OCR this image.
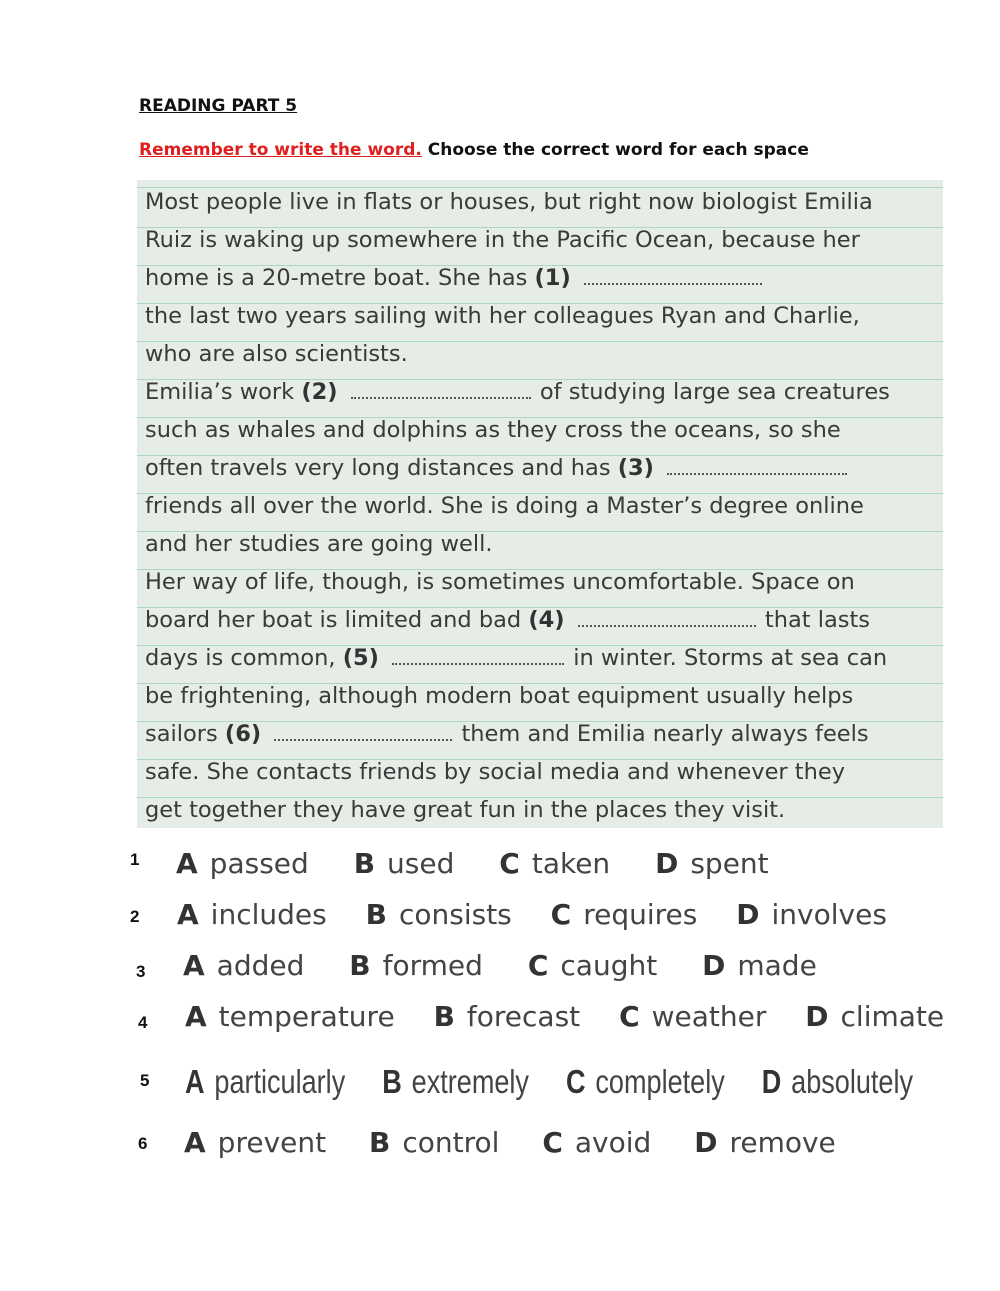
READING PART 5
Remember to write the word. Choose the correct word for each space
Most people live in flats or houses, but right now biologist Emilia
Ruiz is waking up somewhere in the Pacific Ocean, because her
home is a 20-metre boat. She has (1)
the last two years sailing with her colleagues Ryan and Charlie,
who are also scientists.
Emilia’s work (2)	of studying large sea creatures
such as whales and dolphins as they cross the oceans, so she
often travels very long distances and has (3)
friends all over the world. She is doing a Master’s degree online
and her studies are going well.
Her way of life, though, is sometimes uncomfortable. Space on
board her boat is limited and bad (4)	that lasts
days is common, (5)	in winter. Storms at sea can
be frightening, although modern boat equipment usually helps
sailors (6)	them and Emilia nearly always feels
safe. She contacts friends by social media and whenever they
get together they have great fun in the places they visit.
1 A passed B used C taken D spent
2 A includes B consists C requires D involves
3 A added B formed C caught D made
4 A temperature B forecast C weather D climate
5 A particularly B extremely C completely D absolutely
6 A prevent B control C avoid D remove
